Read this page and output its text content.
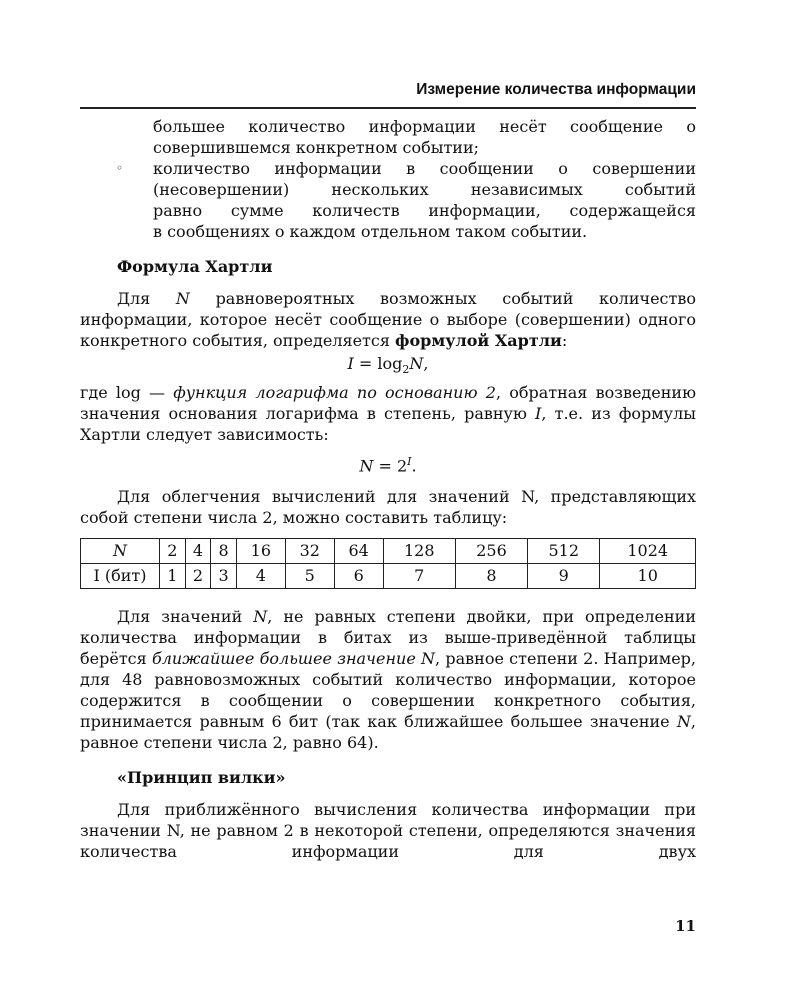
Измерение количества информации

большее количество информации несёт сообщение о

совершившемся конкретном событии;

◦ количество информации в сообщении о совершении

(несовершении) нескольких независимых событий

равно сумме количеств информации, содержащейся

в сообщениях о каждом отдельном таком событии.

Формула Хартли

Для N равновероятных возможных событий количество информации, которое несёт сообщение о выборе (совершении) одного конкретного события, определяется формулой Хартли:

$I = \log_2N$,

где log — функция логарифма по основанию 2, обратная возведению значения основания логарифма в степень, равную I, т.е. из формулы Хартли следует зависимость:

$N = 2^I$.

Для облегчения вычислений для значений N, представляющих собой степени числа 2, можно составить таблицу:

N	2	4	8	16	32	64	128	256	512	1024
I (бит)	1	2	3	4	5	6	7	8	9	10

Для значений N, не равных степени двойки, при определении количества информации в битах из выше-приведённой таблицы берётся ближайшее большее значение N, равное степени 2. Например, для 48 равновозможных событий количество информации, которое содержится в сообщении о совершении конкретного события, принимается равным 6 бит (так как ближайшее большее значение N, равное степени числа 2, равно 64).

«Принцип вилки»

Для приближённого вычисления количества информации при значении N, не равном 2 в некоторой степени, определяются значения количества информации для двух

11
